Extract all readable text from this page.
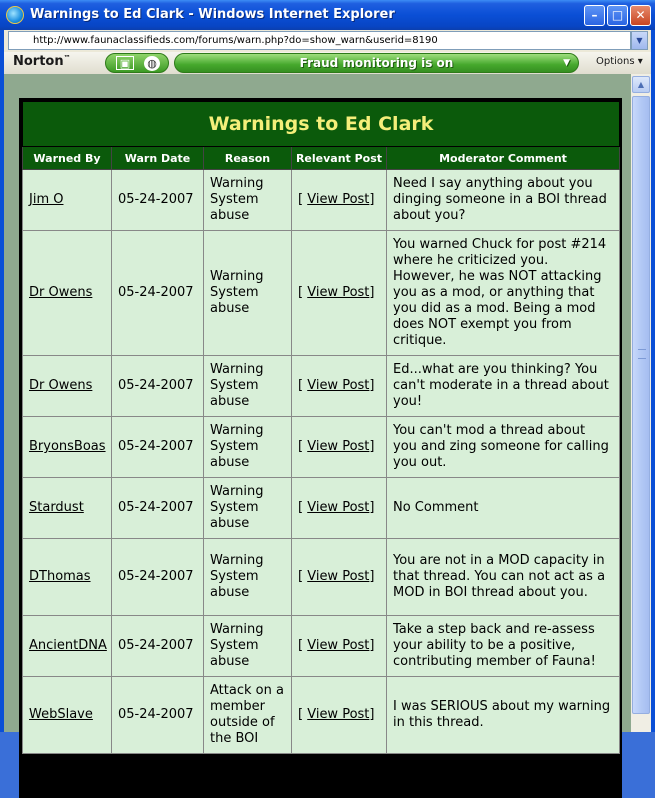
Warnings to Ed Clark - Windows Internet Explorer	–	□	✕
http://www.faunaclassifieds.com/forums/warn.php?do=show_warn&userid=8190	▼
Norton™	▣	◍	Fraud monitoring is on	▼	Options ▾
Warnings to Ed Clark				
Warned By	Warn Date	Reason	Relevant Post	Moderator Comment
Jim O	05-24-2007	Warning System abuse	[ View Post]	Need I say anything about you dinging someone in a BOI thread about you?
Dr Owens	05-24-2007	Warning System abuse	[ View Post]	You warned Chuck for post #214 where he criticized you. However, he was NOT attacking you as a mod, or anything that you did as a mod. Being a mod does NOT exempt you from critique.
Dr Owens	05-24-2007	Warning System abuse	[ View Post]	Ed...what are you thinking? You can't moderate in a thread about you!
BryonsBoas	05-24-2007	Warning System abuse	[ View Post]	You can't mod a thread about you and zing someone for calling you out.
Stardust	05-24-2007	Warning System abuse	[ View Post]	No Comment
DThomas	05-24-2007	Warning System abuse	[ View Post]	You are not in a MOD capacity in that thread. You can not act as a MOD in BOI thread about you.
AncientDNA	05-24-2007	Warning System abuse	[ View Post]	Take a step back and re-assess your ability to be a positive, contributing member of Fauna!
WebSlave	05-24-2007	Attack on a member outside of the BOI	[ View Post]	I was SERIOUS about my warning in this thread.
▲
